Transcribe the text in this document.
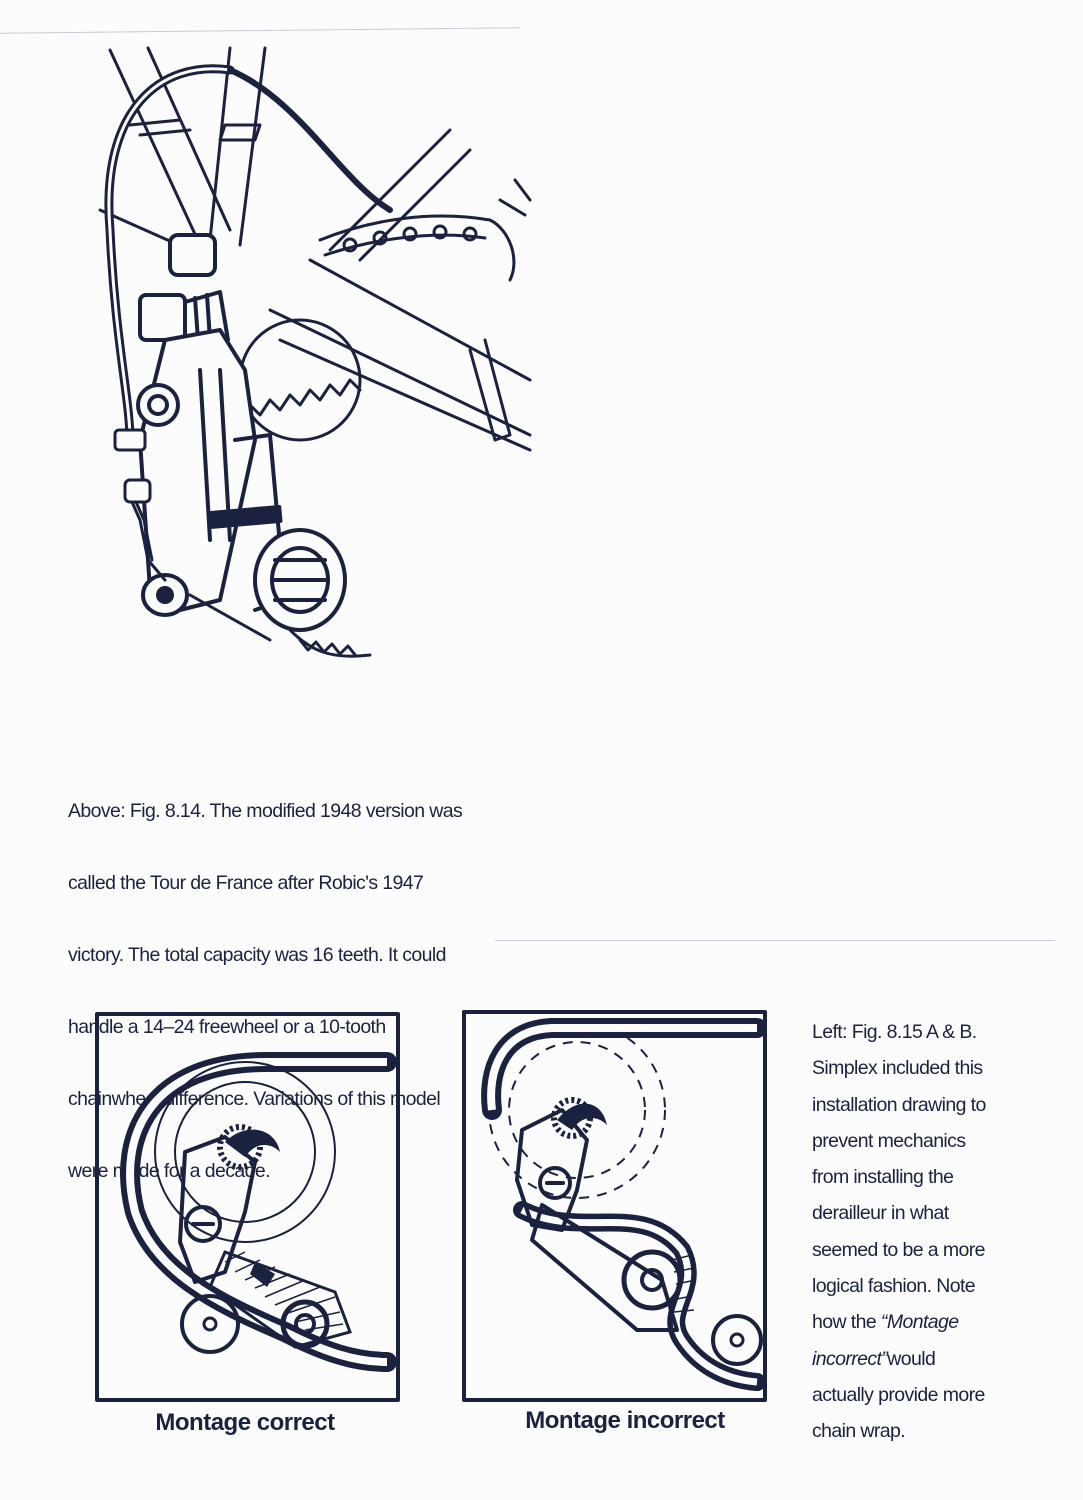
Above: Fig. 8.14. The modified 1948 version was

called the Tour de France after Robic's 1947

victory. The total capacity was 16 teeth. It could

handle a 14–24 freewheel or a 10-tooth

chainwheel difference. Variations of this model

were made for a decade.

Montage correct	Montage incorrect
Left: Fig. 8.15 A & B.
Simplex included this
installation drawing to
prevent mechanics
from installing the
derailleur in what
seemed to be a more
logical fashion. Note
how the “Montage
incorrect”would
actually provide more
chain wrap.
